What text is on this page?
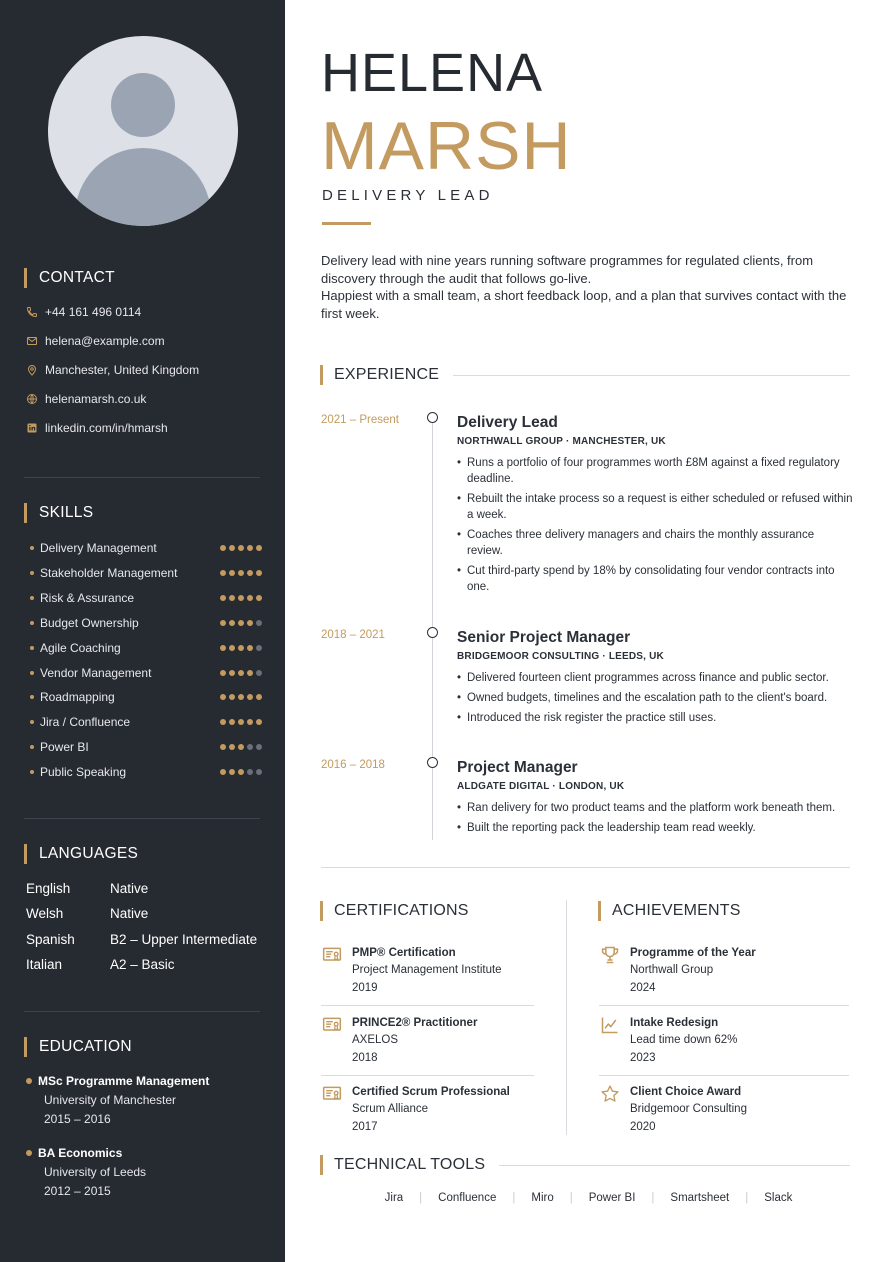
CONTACT
+44 161 496 0114
helena@example.com
Manchester, United Kingdom
helenamarsh.co.uk
linkedin.com/in/hmarsh
SKILLS
Delivery Management
Stakeholder Management
Risk & Assurance
Budget Ownership
Agile Coaching
Vendor Management
Roadmapping
Jira / Confluence
Power BI
Public Speaking
LANGUAGES
English	Native
Welsh	Native
Spanish	B2 – Upper Intermediate
Italian	A2 – Basic
EDUCATION
MSc Programme Management
University of Manchester
2015 – 2016
BA Economics
University of Leeds
2012 – 2015
HELENA
MARSH
DELIVERY LEAD
Delivery lead with nine years running software programmes for regulated clients, from discovery through the audit that follows go-live.
Happiest with a small team, a short feedback loop, and a plan that survives contact with the first week.
EXPERIENCE
2021 – Present	Delivery Lead
NORTHWALL GROUP · MANCHESTER, UK
• Runs a portfolio of four programmes worth £8M against a fixed regulatory deadline.
• Rebuilt the intake process so a request is either scheduled or refused within a week.
• Coaches three delivery managers and chairs the monthly assurance review.
• Cut third-party spend by 18% by consolidating four vendor contracts into one.
2018 – 2021	Senior Project Manager
BRIDGEMOOR CONSULTING · LEEDS, UK
• Delivered fourteen client programmes across finance and public sector.
• Owned budgets, timelines and the escalation path to the client's board.
• Introduced the risk register the practice still uses.
2016 – 2018	Project Manager
ALDGATE DIGITAL · LONDON, UK
• Ran delivery for two product teams and the platform work beneath them.
• Built the reporting pack the leadership team read weekly.
CERTIFICATIONS
PMP® Certification
Project Management Institute
2019
PRINCE2® Practitioner
AXELOS
2018
Certified Scrum Professional
Scrum Alliance
2017
ACHIEVEMENTS
Programme of the Year
Northwall Group
2024
Intake Redesign
Lead time down 62%
2023
Client Choice Award
Bridgemoor Consulting
2020
TECHNICAL TOOLS
Jira	|	Confluence	|	Miro	|	Power BI	|	Smartsheet	|	Slack
